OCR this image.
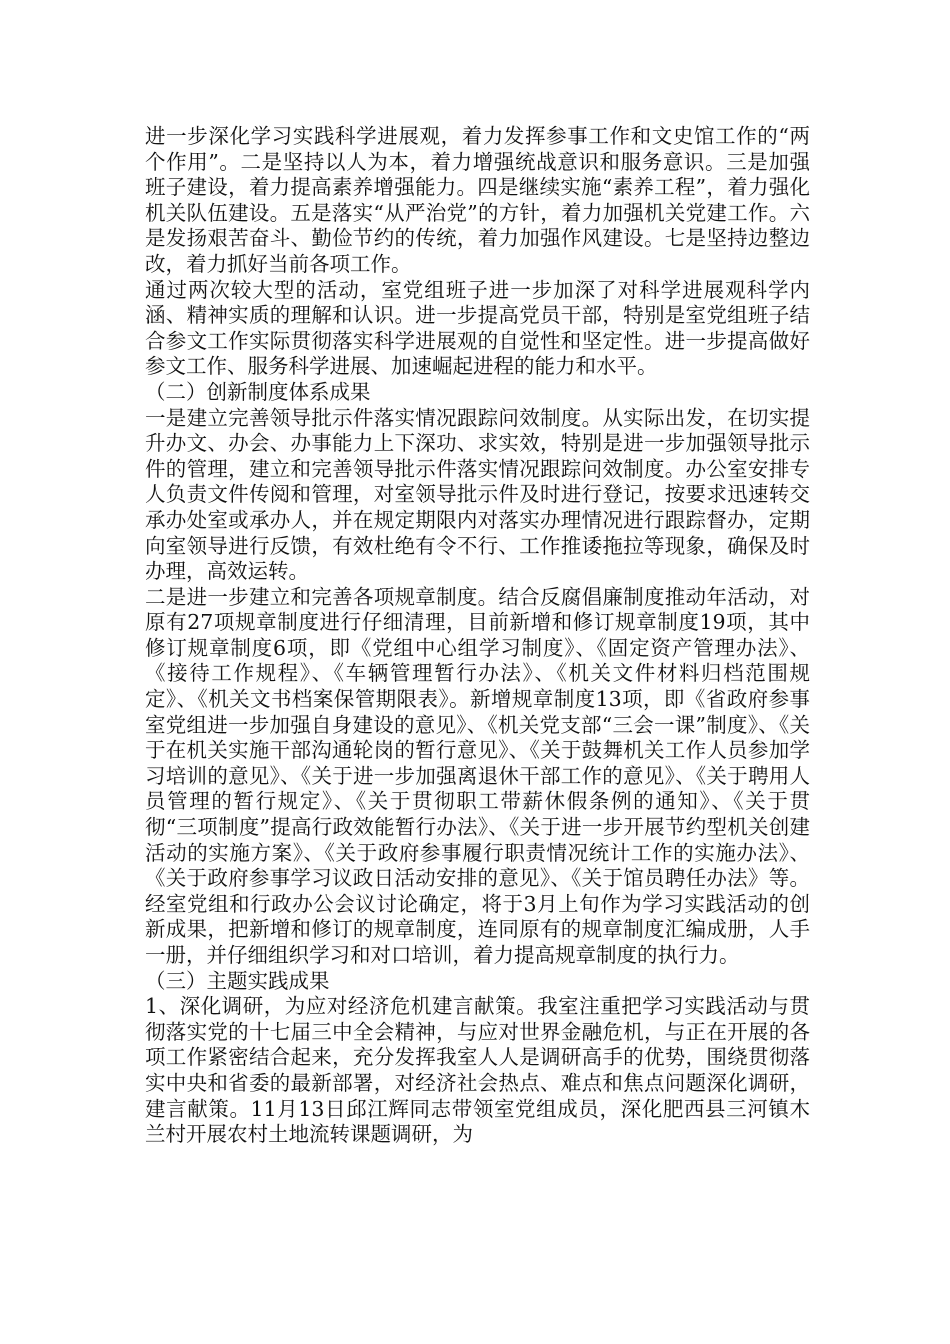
进一步深化学习实践科学进展观，着力发挥参事工作和文史馆工作的“两个作用”。二是坚持以人为本，着力增强统战意识和服务意识。三是加强班子建设，着力提高素养增强能力。四是继续实施“素养工程”，着力强化机关队伍建设。五是落实“从严治党”的方针，着力加强机关党建工作。六是发扬艰苦奋斗、勤俭节约的传统，着力加强作风建设。七是坚持边整边改，着力抓好当前各项工作。

通过两次较大型的活动，室党组班子进一步加深了对科学进展观科学内涵、精神实质的理解和认识。进一步提高党员干部，特别是室党组班子结合参文工作实际贯彻落实科学进展观的自觉性和坚定性。进一步提高做好参文工作、服务科学进展、加速崛起进程的能力和水平。

（二）创新制度体系成果

一是建立完善领导批示件落实情况跟踪问效制度。从实际出发，在切实提升办文、办会、办事能力上下深功、求实效，特别是进一步加强领导批示件的管理，建立和完善领导批示件落实情况跟踪问效制度。办公室安排专人负责文件传阅和管理，对室领导批示件及时进行登记，按要求迅速转交承办处室或承办人，并在规定期限内对落实办理情况进行跟踪督办，定期向室领导进行反馈，有效杜绝有令不行、工作推诿拖拉等现象，确保及时办理，高效运转。

二是进一步建立和完善各项规章制度。结合反腐倡廉制度推动年活动，对原有27项规章制度进行仔细清理，目前新增和修订规章制度19项，其中修订规章制度6项，即《党组中心组学习制度》、《固定资产管理办法》、《接待工作规程》、《车辆管理暂行办法》、《机关文件材料归档范围规定》、《机关文书档案保管期限表》。新增规章制度13项，即《省政府参事室党组进一步加强自身建设的意见》、《机关党支部“三会一课”制度》、《关于在机关实施干部沟通轮岗的暂行意见》、《关于鼓舞机关工作人员参加学习培训的意见》、《关于进一步加强离退休干部工作的意见》、《关于聘用人员管理的暂行规定》、《关于贯彻职工带薪休假条例的通知》、《关于贯彻“三项制度”提高行政效能暂行办法》、《关于进一步开展节约型机关创建活动的实施方案》、《关于政府参事履行职责情况统计工作的实施办法》、《关于政府参事学习议政日活动安排的意见》、《关于馆员聘任办法》等。经室党组和行政办公会议讨论确定，将于3月上旬作为学习实践活动的创新成果，把新增和修订的规章制度，连同原有的规章制度汇编成册，人手一册，并仔细组织学习和对口培训，着力提高规章制度的执行力。

（三）主题实践成果

1、深化调研，为应对经济危机建言献策。我室注重把学习实践活动与贯彻落实党的十七届三中全会精神，与应对世界金融危机，与正在开展的各项工作紧密结合起来，充分发挥我室人人是调研高手的优势，围绕贯彻落实中央和省委的最新部署，对经济社会热点、难点和焦点问题深化调研，建言献策。11月13日邱江辉同志带领室党组成员，深化肥西县三河镇木兰村开展农村土地流转课题调研，为
